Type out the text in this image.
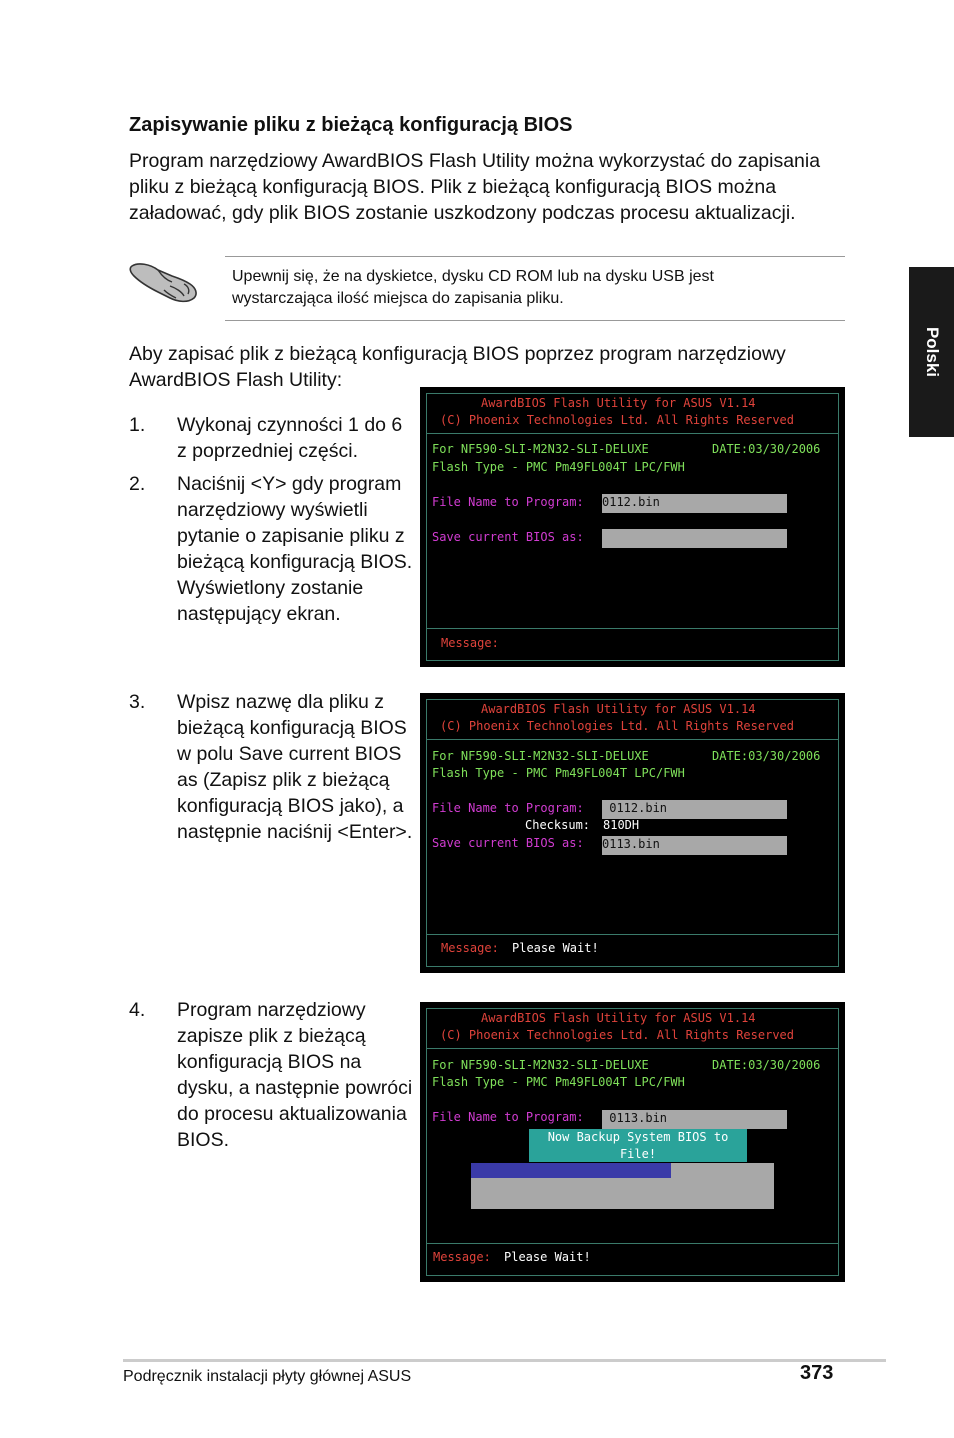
Zapisywanie pliku z bieżącą konfiguracją BIOS
Program narzędziowy AwardBIOS Flash Utility można wykorzystać do zapisania
pliku z bieżącą konfiguracją BIOS. Plik z bieżącą konfiguracją BIOS można
załadować, gdy plik BIOS zostanie uszkodzony podczas procesu aktualizacji.
Upewnij się, że na dyskietce, dysku CD ROM lub na dysku USB jest
wystarczająca ilość miejsca do zapisania pliku.
Aby zapisać plik z bieżącą konfiguracją BIOS poprzez program narzędziowy
AwardBIOS Flash Utility:
1. Wykonaj czynności 1 do 6
z poprzedniej części.
2. Naciśnij <Y> gdy program
narzędziowy wyświetli
pytanie o zapisanie pliku z
bieżącą konfiguracją BIOS.
Wyświetlony zostanie
następujący ekran.
3. Wpisz nazwę dla pliku z
bieżącą konfiguracją BIOS
w polu Save current BIOS
as (Zapisz plik z bieżącą
konfiguracją BIOS jako), a
następnie naciśnij <Enter>.
4. Program narzędziowy
zapisze plik z bieżącą
konfiguracją BIOS na
dysku, a następnie powróci
do procesu aktualizowania
BIOS.
Polski
AwardBIOS Flash Utility for ASUS V1.14
(C) Phoenix Technologies Ltd. All Rights Reserved
For NF590-SLI-M2N32-SLI-DELUXE	DATE:03/30/2006
Flash Type - PMC Pm49FL004T LPC/FWH
File Name to Program: 0112.bin
Save current BIOS as:
Message:
AwardBIOS Flash Utility for ASUS V1.14
(C) Phoenix Technologies Ltd. All Rights Reserved
For NF590-SLI-M2N32-SLI-DELUXE	DATE:03/30/2006
Flash Type - PMC Pm49FL004T LPC/FWH
File Name to Program: 0112.bin
Checksum: 810DH
Save current BIOS as: 0113.bin
Message: Please Wait!
AwardBIOS Flash Utility for ASUS V1.14
(C) Phoenix Technologies Ltd. All Rights Reserved
For NF590-SLI-M2N32-SLI-DELUXE	DATE:03/30/2006
Flash Type - PMC Pm49FL004T LPC/FWH
File Name to Program: 0113.bin
Now Backup System BIOS to
File!
Message: Please Wait!
Podręcznik instalacji płyty głównej ASUS	373
